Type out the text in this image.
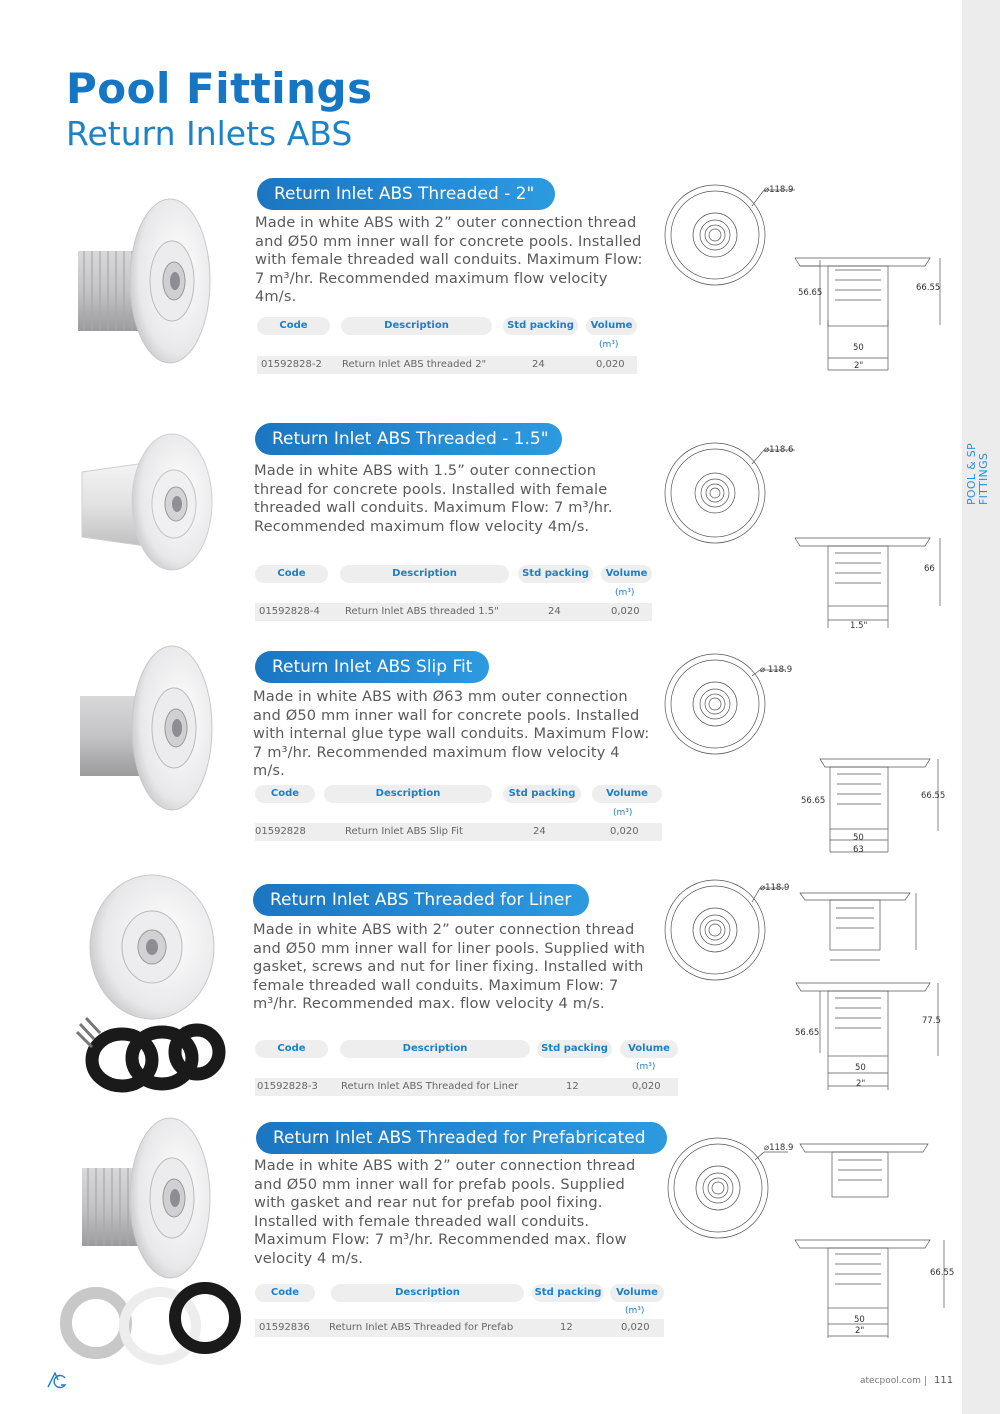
POOL & SP FITTINGS
Pool Fittings
Return Inlets ABS
Return Inlet ABS Threaded - 2"
Made in white ABS with 2” outer connection thread and Ø50 mm inner wall for concrete pools. Installed with female threaded wall conduits. Maximum Flow: 7 m³/hr. Recommended maximum flow velocity 4m/s.
Code	Description	Std packing	Volume
(m³)
01592828-2 Return Inlet ABS threaded 2"	24	0,020
⌀118.9
56.65	66.55
50
2"
Return Inlet ABS Threaded - 1.5"
Made in white ABS with 1.5” outer connection thread for concrete pools. Installed with female threaded wall conduits. Maximum Flow: 7 m³/hr. Recommended maximum flow velocity 4m/s.
Code	Description	Std packing	Volume
(m³)
01592828-4	Return Inlet ABS threaded 1.5"	24	0,020
⌀118.6
66
1.5"
Return Inlet ABS Slip Fit
Made in white ABS with Ø63 mm outer connection and Ø50 mm inner wall for concrete pools. Installed with internal glue type wall conduits. Maximum Flow: 7 m³/hr. Recommended maximum flow velocity 4 m/s.
Code	Description	Std packing	Volume
(m³)
01592828	Return Inlet ABS Slip Fit	24	0,020
⌀ 118.9
56.65	66.55
50
63
Return Inlet ABS Threaded for Liner
Made in white ABS with 2” outer connection thread and Ø50 mm inner wall for liner pools. Supplied with gasket, screws and nut for liner fixing. Installed with female threaded wall conduits. Maximum Flow: 7 m³/hr. Recommended max. flow velocity 4 m/s.
Code	Description	Std packing	Volume
(m³)
01592828-3 Return Inlet ABS Threaded for Liner	12	0,020
⌀118.9
56.65
77.5
50
2"
Return Inlet ABS Threaded for Prefabricated
Made in white ABS with 2” outer connection thread and Ø50 mm inner wall for prefab pools. Supplied with gasket and rear nut for prefab pool fixing. Installed with female threaded wall conduits. Maximum Flow: 7 m³/hr. Recommended max. flow velocity 4 m/s.
Code	Description	Std packing	Volume
(m³)
01592836 Return Inlet ABS Threaded for Prefab	12	0,020
⌀118.9
66.55
50
2"
atecpool.com 111
